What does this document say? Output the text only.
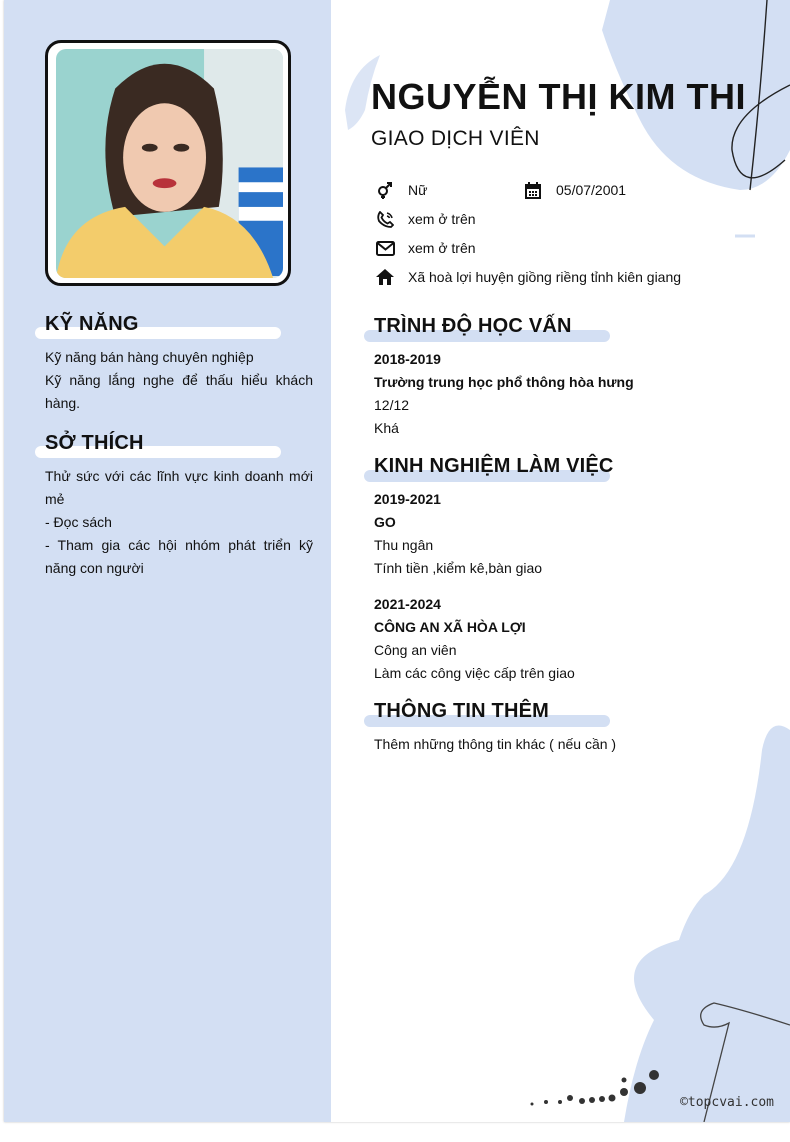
KỸ NĂNG
Kỹ năng bán hàng chuyên nghiệp
Kỹ năng lắng nghe để thấu hiểu khách hàng.
SỞ THÍCH
Thử sức với các lĩnh vực kinh doanh mới mẻ
- Đọc sách
- Tham gia các hội nhóm phát triển kỹ năng con người
NGUYỄN THỊ KIM THI
GIAO DỊCH VIÊN
Nữ	05/07/2001
xem ở trên
xem ở trên
Xã hoà lợi huyện giồng riềng tỉnh kiên giang
TRÌNH ĐỘ HỌC VẤN
2018-2019
Trường trung học phổ thông hòa hưng
12/12
Khá
KINH NGHIỆM LÀM VIỆC
2019-2021
GO
Thu ngân
Tính tiền ,kiểm kê,bàn giao
2021-2024
CÔNG AN XÃ HÒA LỢI
Công an viên
Làm các công việc cấp trên giao
THÔNG TIN THÊM
Thêm những thông tin khác ( nếu cần )
©topcvai.com
